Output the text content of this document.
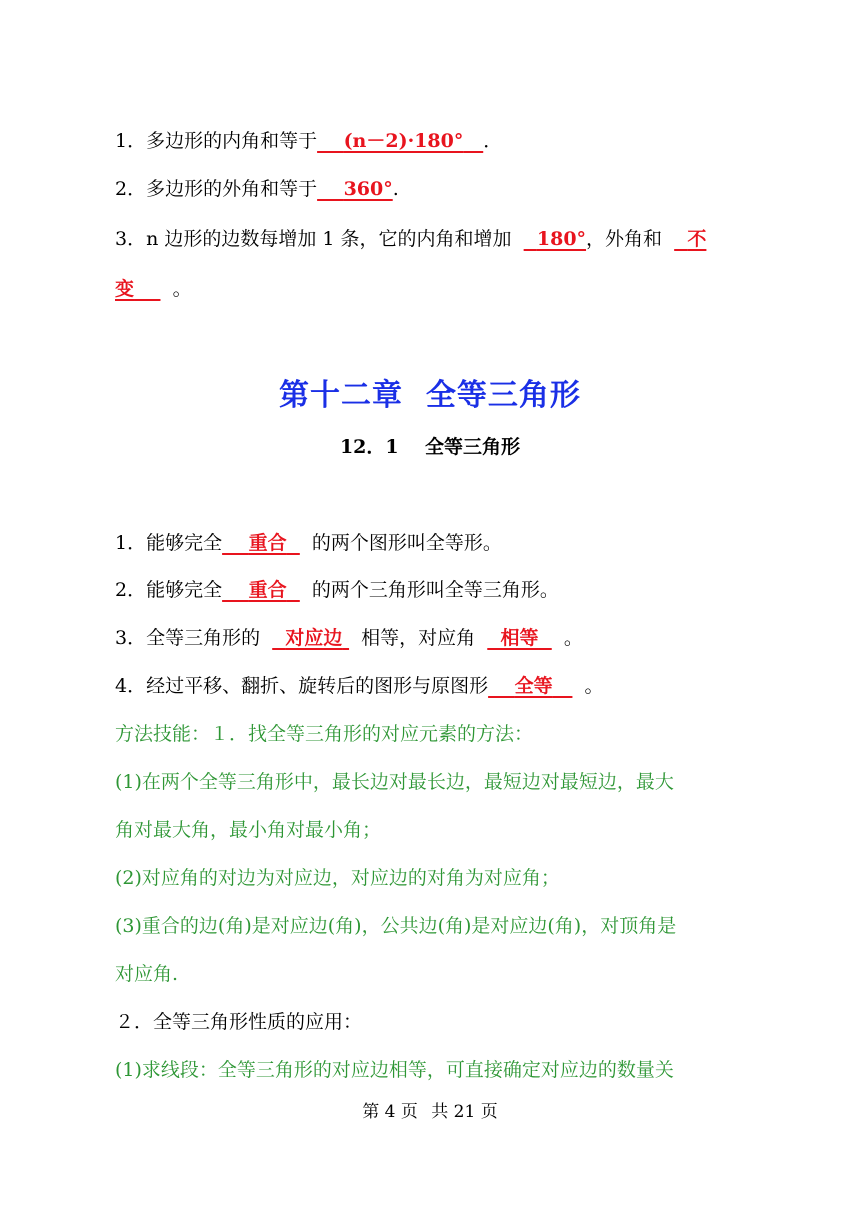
1．多边形的内角和等于 (n－2)·180° ．
2．多边形的外角和等于 360°.
3．n 边形的边数每增加 1 条，它的内角和增加 180°，外角和 不
变 。
第十二章  全等三角形
12．1    全等三角形
1．能够完全 重合 的两个图形叫全等形。
2．能够完全 重合 的两个三角形叫全等三角形。
3．全等三角形的 对应边 相等，对应角 相等 。
4．经过平移、翻折、旋转后的图形与原图形 全等 。
方法技能：１．找全等三角形的对应元素的方法：
(1)在两个全等三角形中，最长边对最长边，最短边对最短边，最大
角对最大角，最小角对最小角；
(2)对应角的对边为对应边，对应边的对角为对应角；
(3)重合的边(角)是对应边(角)，公共边(角)是对应边(角)，对顶角是
对应角.
２．全等三角形性质的应用：
(1)求线段：全等三角形的对应边相等，可直接确定对应边的数量关
第 4 页 共 21 页
